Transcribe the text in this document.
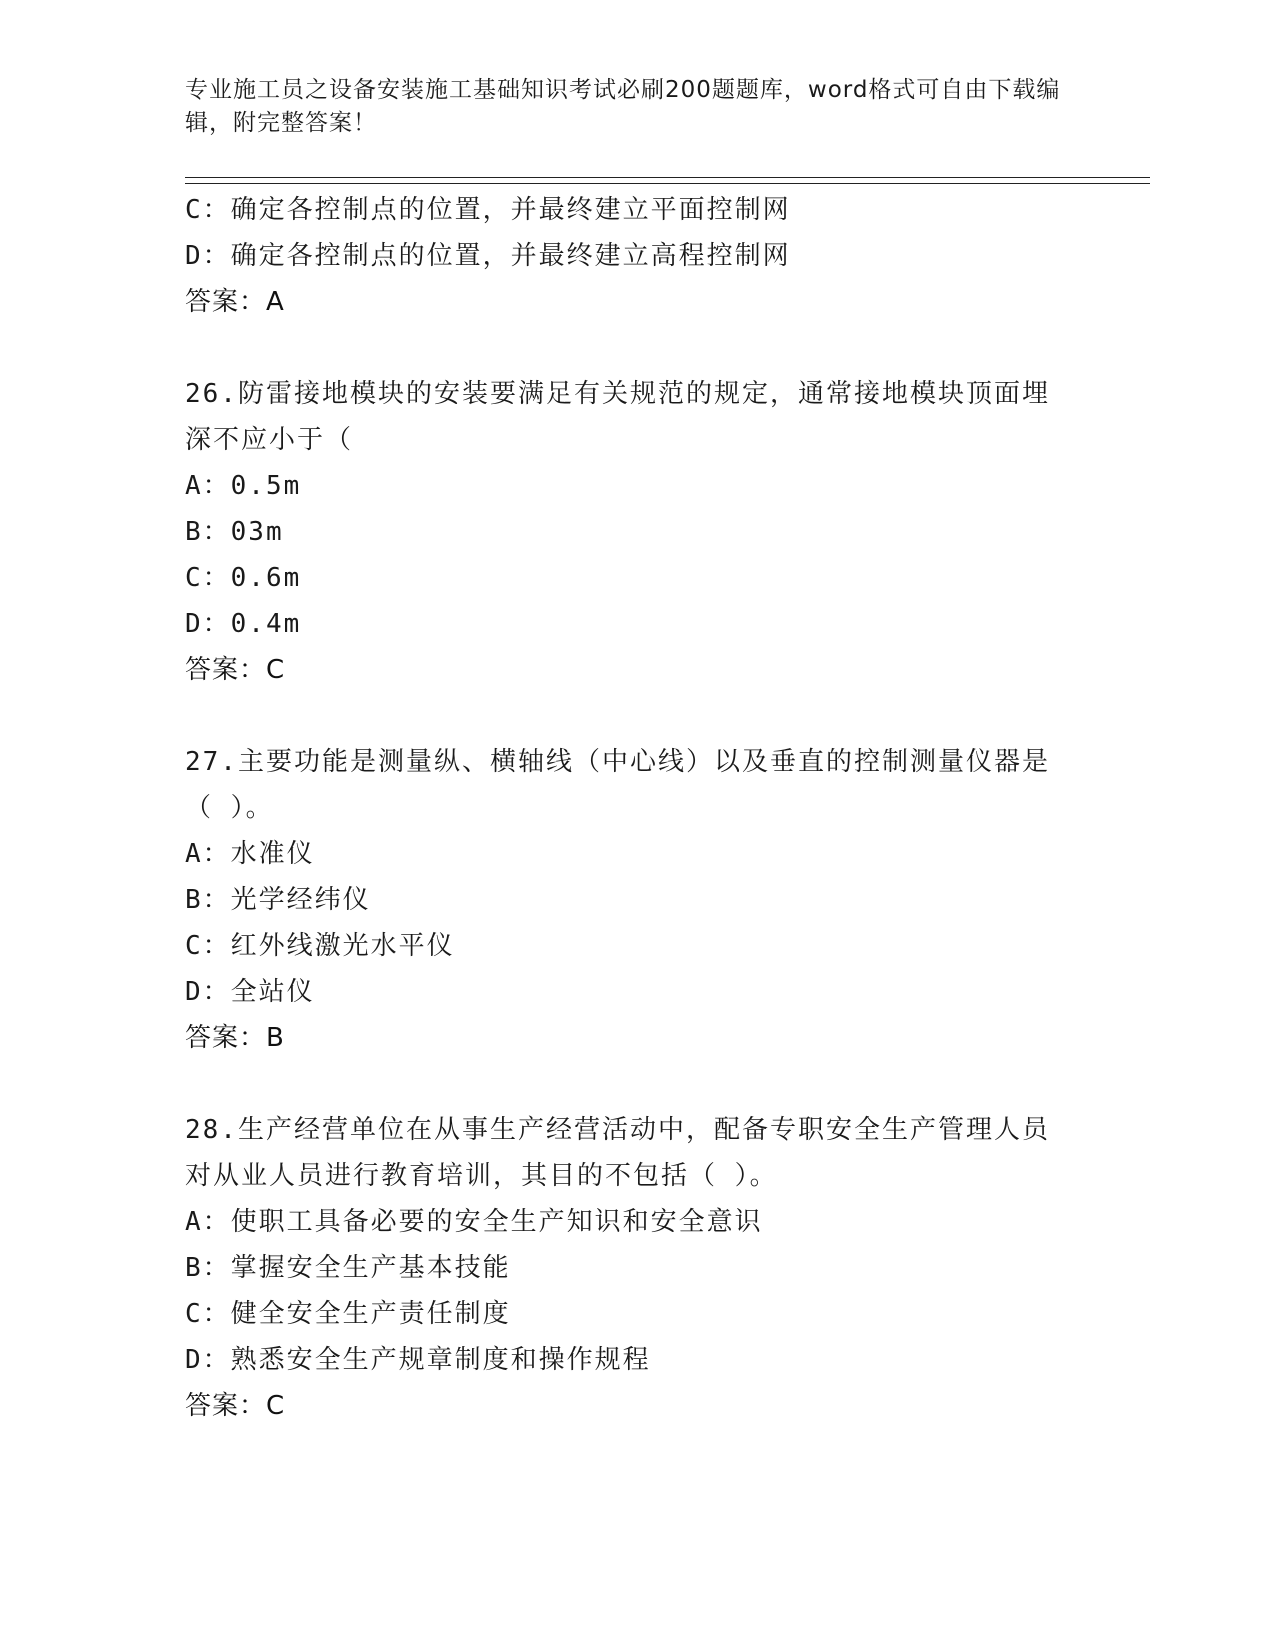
专业施工员之设备安装施工基础知识考试必刷200题题库，word格式可自由下载编辑，附完整答案！
C：确定各控制点的位置，并最终建立平面控制网
D：确定各控制点的位置，并最终建立高程控制网
答案：A
26.防雷接地模块的安装要满足有关规范的规定，通常接地模块顶面埋
深不应小于（
A：0.5m
B：03m
C：0.6m
D：0.4m
答案：C
27.主要功能是测量纵、横轴线（中心线）以及垂直的控制测量仪器是
（ ）。
A：水准仪
B：光学经纬仪
C：红外线激光水平仪
D：全站仪
答案：B
28.生产经营单位在从事生产经营活动中，配备专职安全生产管理人员
对从业人员进行教育培训，其目的不包括（ ）。
A：使职工具备必要的安全生产知识和安全意识
B：掌握安全生产基本技能
C：健全安全生产责任制度
D：熟悉安全生产规章制度和操作规程
答案：C
